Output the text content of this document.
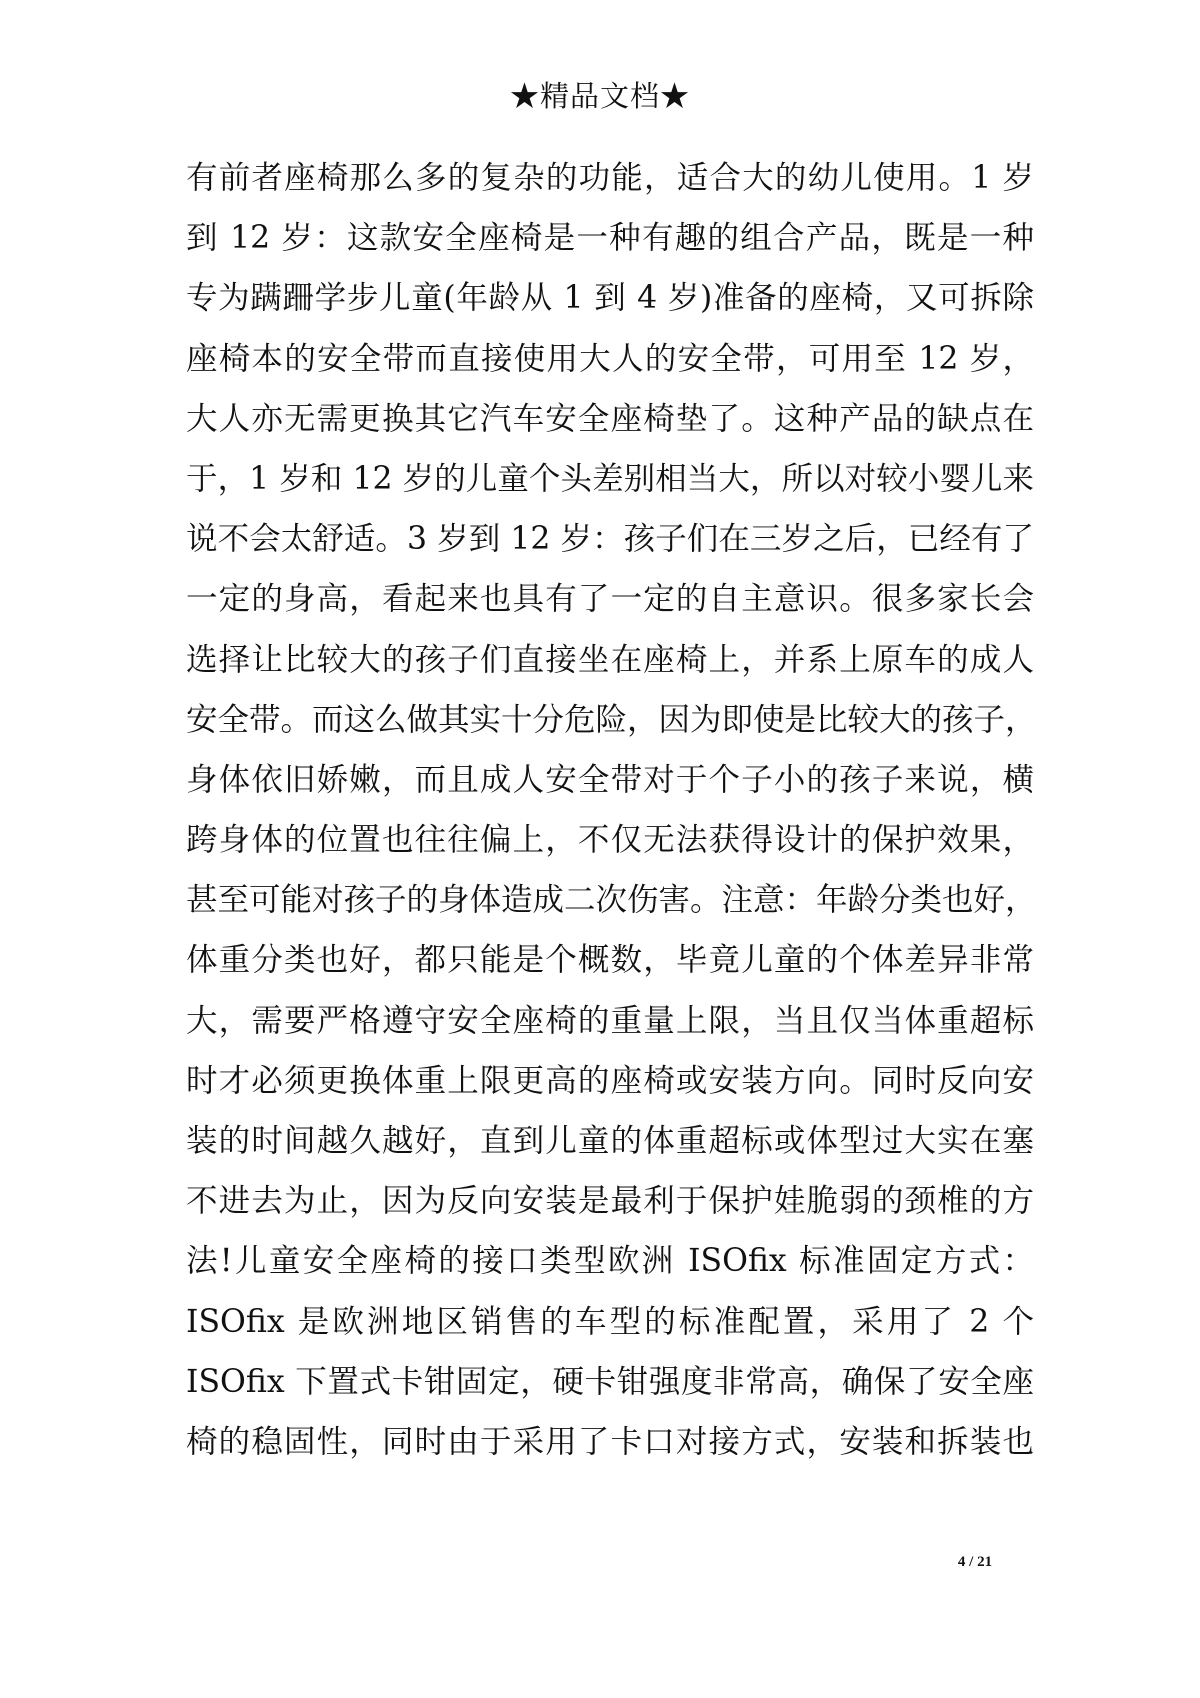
★精品文档★
有前者座椅那么多的复杂的功能，适合大的幼儿使用。1 岁
到 12 岁：这款安全座椅是一种有趣的组合产品，既是一种
专为蹒跚学步儿童(年龄从 1 到 4 岁)准备的座椅，又可拆除
座椅本的安全带而直接使用大人的安全带，可用至 12 岁，
大人亦无需更换其它汽车安全座椅垫了。这种产品的缺点在
于，1 岁和 12 岁的儿童个头差别相当大，所以对较小婴儿来
说不会太舒适。3 岁到 12 岁：孩子们在三岁之后，已经有了
一定的身高，看起来也具有了一定的自主意识。很多家长会
选择让比较大的孩子们直接坐在座椅上，并系上原车的成人
安全带。而这么做其实十分危险，因为即使是比较大的孩子，
身体依旧娇嫩，而且成人安全带对于个子小的孩子来说，横
跨身体的位置也往往偏上，不仅无法获得设计的保护效果，
甚至可能对孩子的身体造成二次伤害。注意：年龄分类也好，
体重分类也好，都只能是个概数，毕竟儿童的个体差异非常
大，需要严格遵守安全座椅的重量上限，当且仅当体重超标
时才必须更换体重上限更高的座椅或安装方向。同时反向安
装的时间越久越好，直到儿童的体重超标或体型过大实在塞
不进去为止，因为反向安装是最利于保护娃脆弱的颈椎的方
法!儿童安全座椅的接口类型欧洲 ISOfix 标准固定方式：
ISOfix 是欧洲地区销售的车型的标准配置，采用了 2 个
ISOfix 下置式卡钳固定，硬卡钳强度非常高，确保了安全座
椅的稳固性，同时由于采用了卡口对接方式，安装和拆装也
4 / 21
